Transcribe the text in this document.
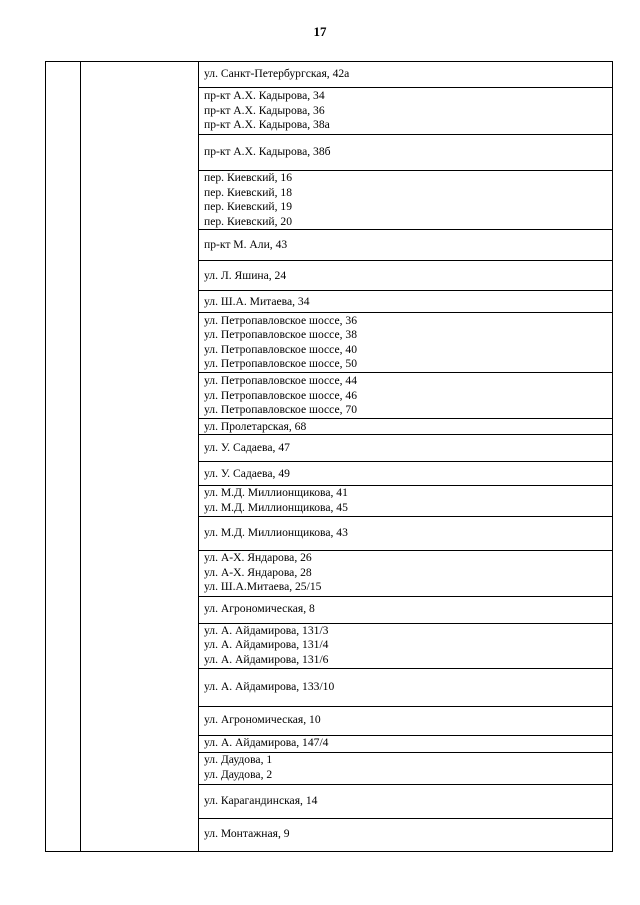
17

ул. Санкт-Петербургская, 42а

пр-кт А.Х. Кадырова, 34
пр-кт А.Х. Кадырова, 36
пр-кт А.Х. Кадырова, 38а

пр-кт А.Х. Кадырова, 38б

пер. Киевский, 16
пер. Киевский, 18
пер. Киевский, 19
пер. Киевский, 20

пр-кт М. Али, 43

ул. Л. Яшина, 24

ул. Ш.А. Митаева, 34

ул. Петропавловское шоссе, 36
ул. Петропавловское шоссе, 38
ул. Петропавловское шоссе, 40
ул. Петропавловское шоссе, 50

ул. Петропавловское шоссе, 44
ул. Петропавловское шоссе, 46
ул. Петропавловское шоссе, 70

ул. Пролетарская, 68

ул. У. Садаева, 47

ул. У. Садаева, 49

ул. М.Д. Миллионщикова, 41
ул. М.Д. Миллионщикова, 45

ул. М.Д. Миллионщикова, 43

ул. А-Х. Яндарова, 26
ул. А-Х. Яндарова, 28
ул. Ш.А.Митаева, 25/15

ул. Агрономическая, 8

ул. А. Айдамирова, 131/3
ул. А. Айдамирова, 131/4
ул. А. Айдамирова, 131/6

ул. А. Айдамирова, 133/10

ул. Агрономическая, 10

ул. А. Айдамирова, 147/4

ул. Даудова, 1
ул. Даудова, 2

ул. Карагандинская, 14

ул. Монтажная, 9
